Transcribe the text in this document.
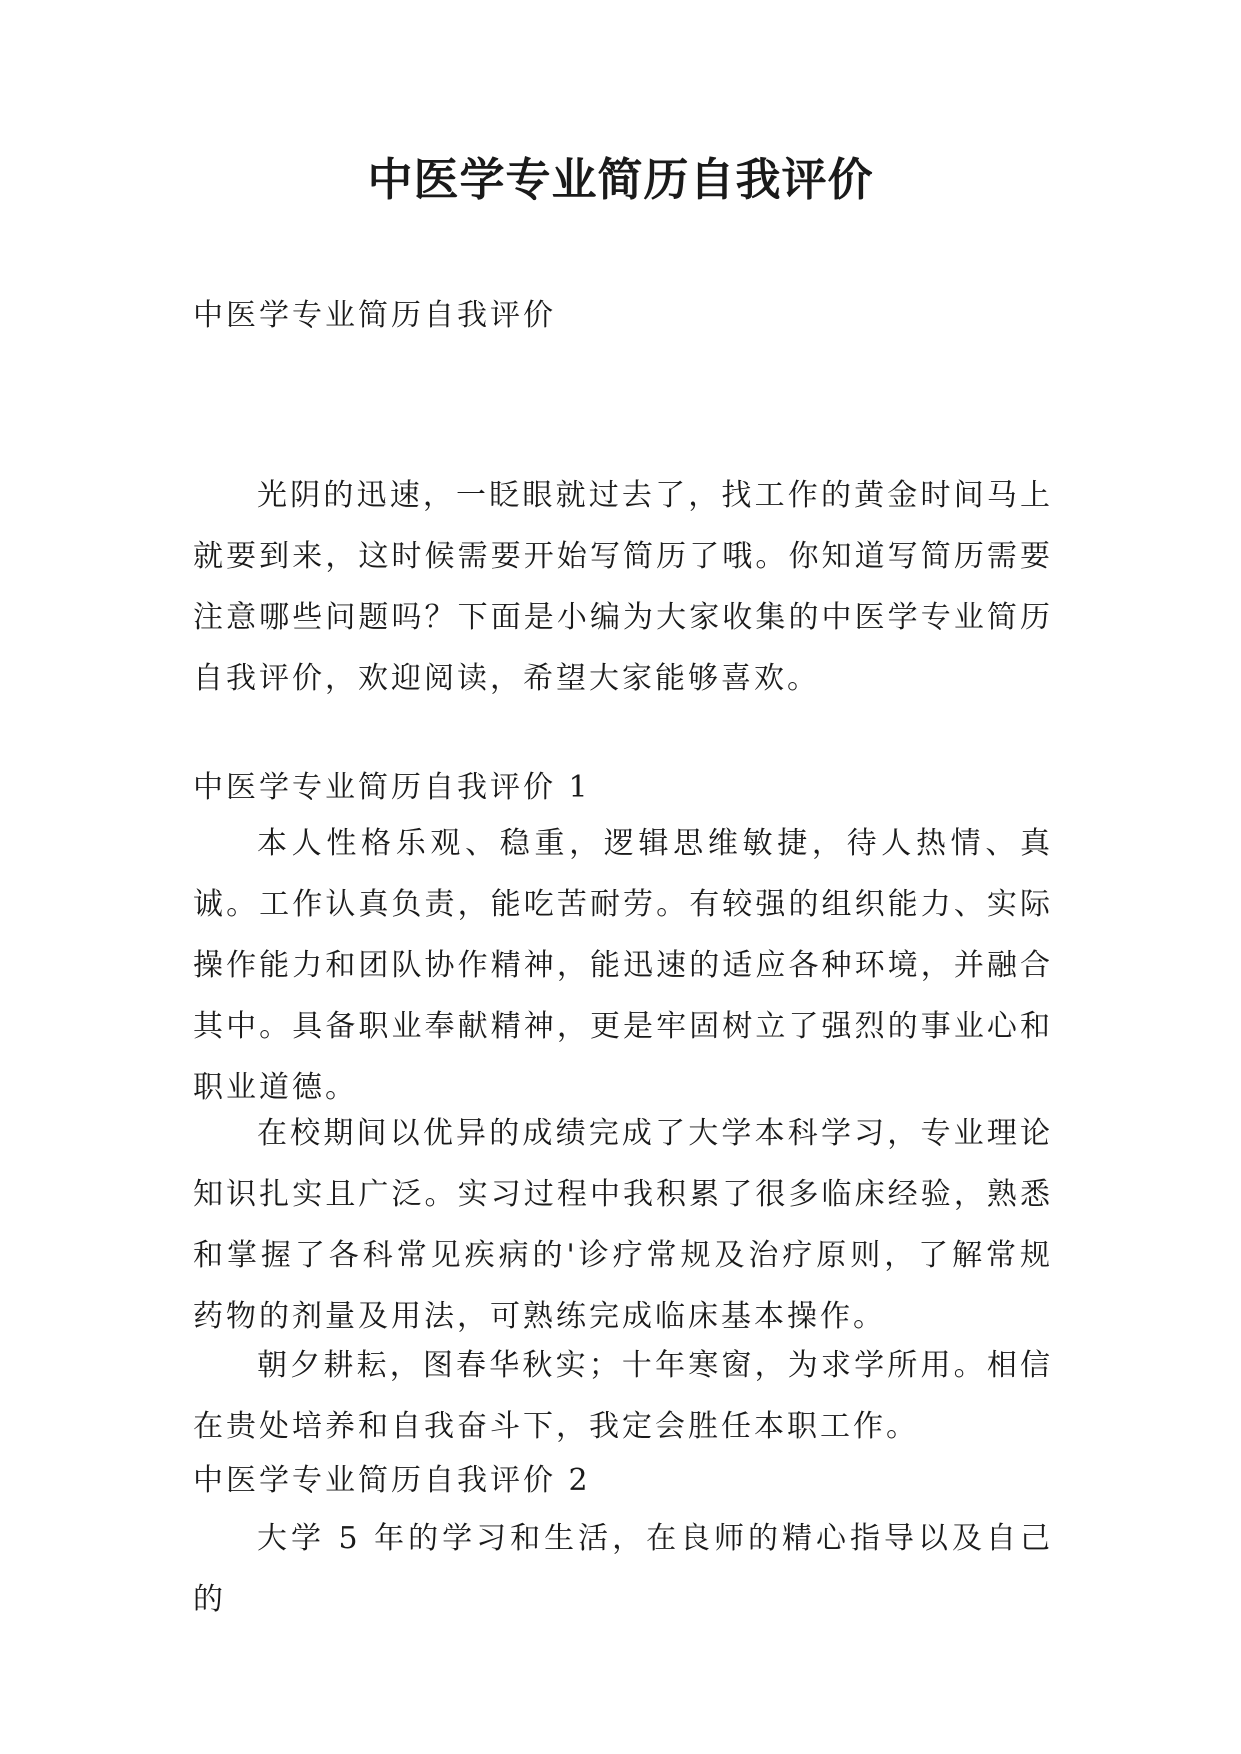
中医学专业简历自我评价

中医学专业简历自我评价

光阴的迅速，一眨眼就过去了，找工作的黄金时间马上就要到来，这时候需要开始写简历了哦。你知道写简历需要注意哪些问题吗？下面是小编为大家收集的中医学专业简历自我评价，欢迎阅读，希望大家能够喜欢。

中医学专业简历自我评价 1

本人性格乐观、稳重，逻辑思维敏捷，待人热情、真诚。工作认真负责，能吃苦耐劳。有较强的组织能力、实际操作能力和团队协作精神，能迅速的适应各种环境，并融合其中。具备职业奉献精神，更是牢固树立了强烈的事业心和职业道德。

在校期间以优异的成绩完成了大学本科学习，专业理论知识扎实且广泛。实习过程中我积累了很多临床经验，熟悉和掌握了各科常见疾病的'诊疗常规及治疗原则，了解常规药物的剂量及用法，可熟练完成临床基本操作。

朝夕耕耘，图春华秋实；十年寒窗，为求学所用。相信在贵处培养和自我奋斗下，我定会胜任本职工作。

中医学专业简历自我评价 2

大学 5 年的学习和生活，在良师的精心指导以及自己的
